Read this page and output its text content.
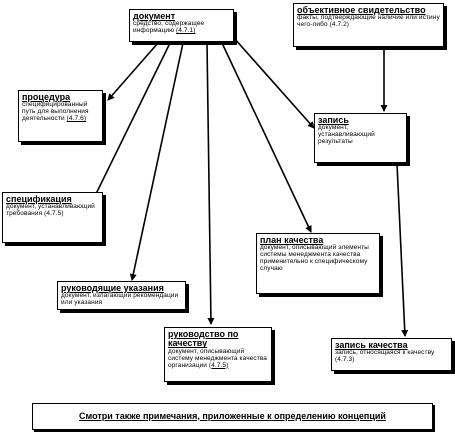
документ
средство, содержащее информацию (4.7.1)
объективное свидетельство
факты, подтверждающие наличие или истину чего-либо (4.7.2)
процедура
специфицированный путь для выполнения деятельности (4.7.6)	запись
документ, устанавливающий результаты
спецификация
документ, устанавливающий требования (4.7.5)
план качества
документ, описывающий элементы системы менеджмента качества применительно к специфическому случаю
руководящие указания
документ, излагающий рекомендации или указания
руководство по качеству
документ, описывающий систему менеджмента качества организации (4.7.5)
запись качества
запись, относящаяся к качеству (4.7.3)
Смотри также примечания, приложенные к определению концепций
